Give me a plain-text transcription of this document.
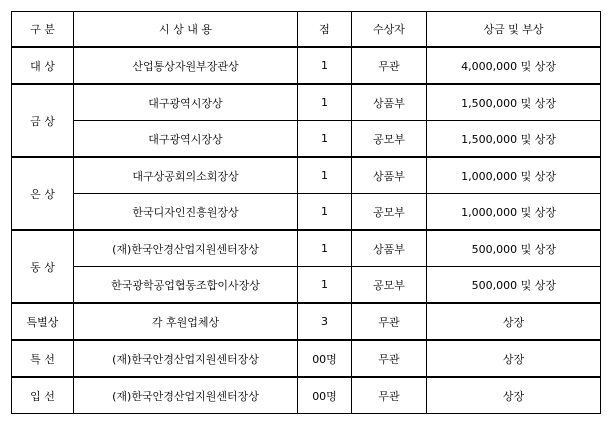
구 분	시 상 내 용	점	수상자	상금 및 부상
대 상	산업통상자원부장관상	1	무관	4,000,000 및 상장
금 상	대구광역시장상	1	상품부	1,500,000 및 상장
	대구광역시장상	1	공모부	1,500,000 및 상장
은 상	대구상공회의소회장상	1	상품부	1,000,000 및 상장
	한국디자인진흥원장상	1	공모부	1,000,000 및 상장
동 상	(재)한국안경산업지원센터장상	1	상품부	500,000 및 상장
	한국광학공업협동조합이사장상	1	공모부	500,000 및 상장
특별상	각 후원업체상	3	무관	상장
특 선	(재)한국안경산업지원센터장상	00명	무관	상장
입 선	(재)한국안경산업지원센터장상	00명	무관	상장
